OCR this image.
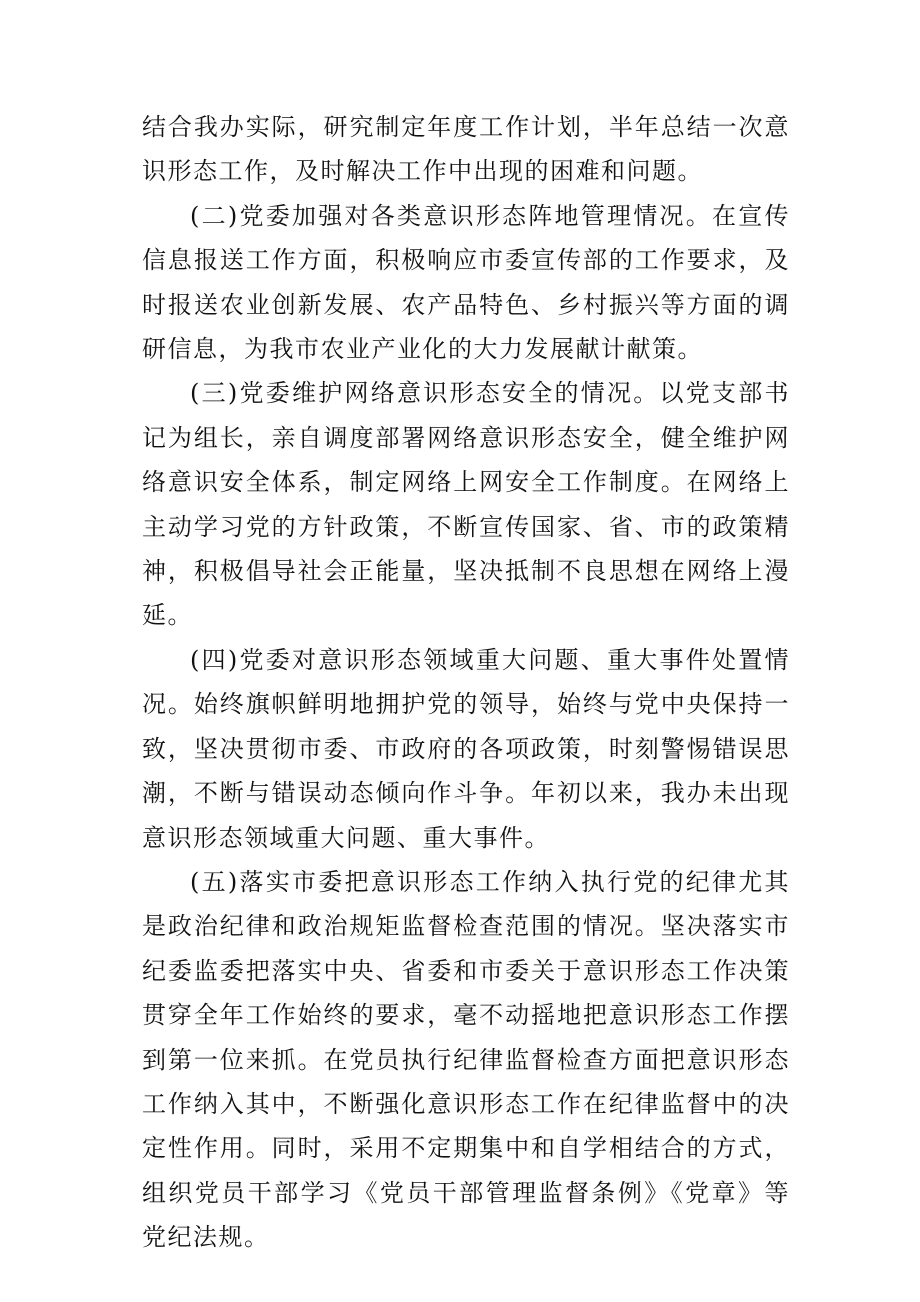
结合我办实际，研究制定年度工作计划，半年总结一次意识形态工作，及时解决工作中出现的困难和问题。

(二)党委加强对各类意识形态阵地管理情况。在宣传信息报送工作方面，积极响应市委宣传部的工作要求，及时报送农业创新发展、农产品特色、乡村振兴等方面的调研信息，为我市农业产业化的大力发展献计献策。

(三)党委维护网络意识形态安全的情况。以党支部书记为组长，亲自调度部署网络意识形态安全，健全维护网络意识安全体系，制定网络上网安全工作制度。在网络上主动学习党的方针政策，不断宣传国家、省、市的政策精神，积极倡导社会正能量，坚决抵制不良思想在网络上漫延。

(四)党委对意识形态领域重大问题、重大事件处置情况。始终旗帜鲜明地拥护党的领导，始终与党中央保持一致，坚决贯彻市委、市政府的各项政策，时刻警惕错误思潮，不断与错误动态倾向作斗争。年初以来，我办未出现意识形态领域重大问题、重大事件。

(五)落实市委把意识形态工作纳入执行党的纪律尤其是政治纪律和政治规矩监督检查范围的情况。坚决落实市纪委监委把落实中央、省委和市委关于意识形态工作决策贯穿全年工作始终的要求，毫不动摇地把意识形态工作摆到第一位来抓。在党员执行纪律监督检查方面把意识形态工作纳入其中，不断强化意识形态工作在纪律监督中的决定性作用。同时，采用不定期集中和自学相结合的方式，组织党员干部学习《党员干部管理监督条例》《党章》等党纪法规。
